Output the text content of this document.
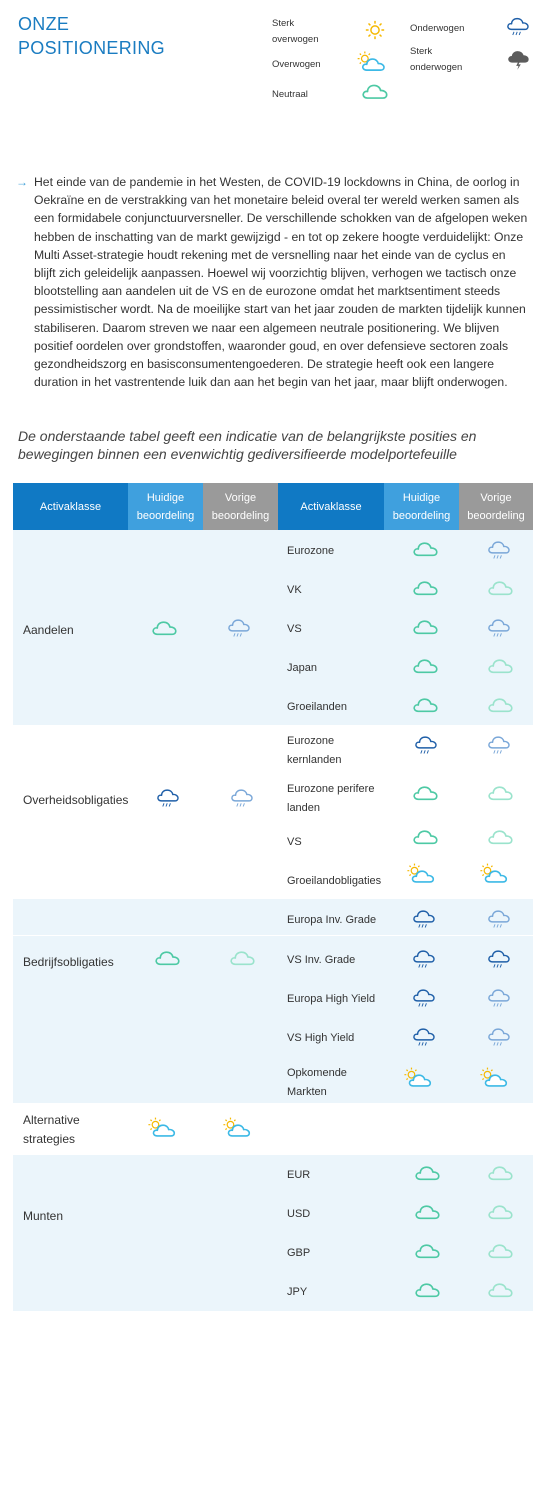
ONZE
POSITIONERING
Sterk
overwogen
Overwogen
Neutraal
Onderwogen
Sterk
onderwogen
→ Het einde van de pandemie in het Westen, de COVID-19 lockdowns in China, de oorlog in Oekraïne en de verstrakking van het monetaire beleid overal ter wereld werken samen als een formidabele conjunctuurversneller. De verschillende schokken van de afgelopen weken hebben de inschatting van de markt gewijzigd - en tot op zekere hoogte verduidelijkt: Onze Multi Asset-strategie houdt rekening met de versnelling naar het einde van de cyclus en blijft zich geleidelijk aanpassen. Hoewel wij voorzichtig blijven, verhogen we tactisch onze blootstelling aan aandelen uit de VS en de eurozone omdat het marktsentiment steeds pessimistischer wordt. Na de moeilijke start van het jaar zouden de markten tijdelijk kunnen stabiliseren. Daarom streven we naar een algemeen neutrale positionering. We blijven positief oordelen over grondstoffen, waaronder goud, en over defensieve sectoren zoals gezondheidszorg en basisconsumentengoederen. De strategie heeft ook een langere duration in het vastrentende luik dan aan het begin van het jaar, maar blijft onderwogen.

De onderstaande tabel geeft een indicatie van de belangrijkste posities en bewegingen binnen een evenwichtig gediversifieerde modelportefeuille
Activaklasse
Huidige
beoordeling
Vorige
beoordeling
Activaklasse
Huidige
beoordeling
Vorige
beoordeling
Aandelen
Eurozone
VK
VS
Japan
Groeilanden
Overheidsobligaties
Eurozone
kernlanden
Eurozone perifere
landen
VS
Groeilandobligaties
Bedrijfsobligaties
Europa Inv. Grade
VS Inv. Grade
Europa High Yield
VS High Yield
Opkomende
Markten
Alternative
strategies
Munten
EUR
USD
GBP
JPY
